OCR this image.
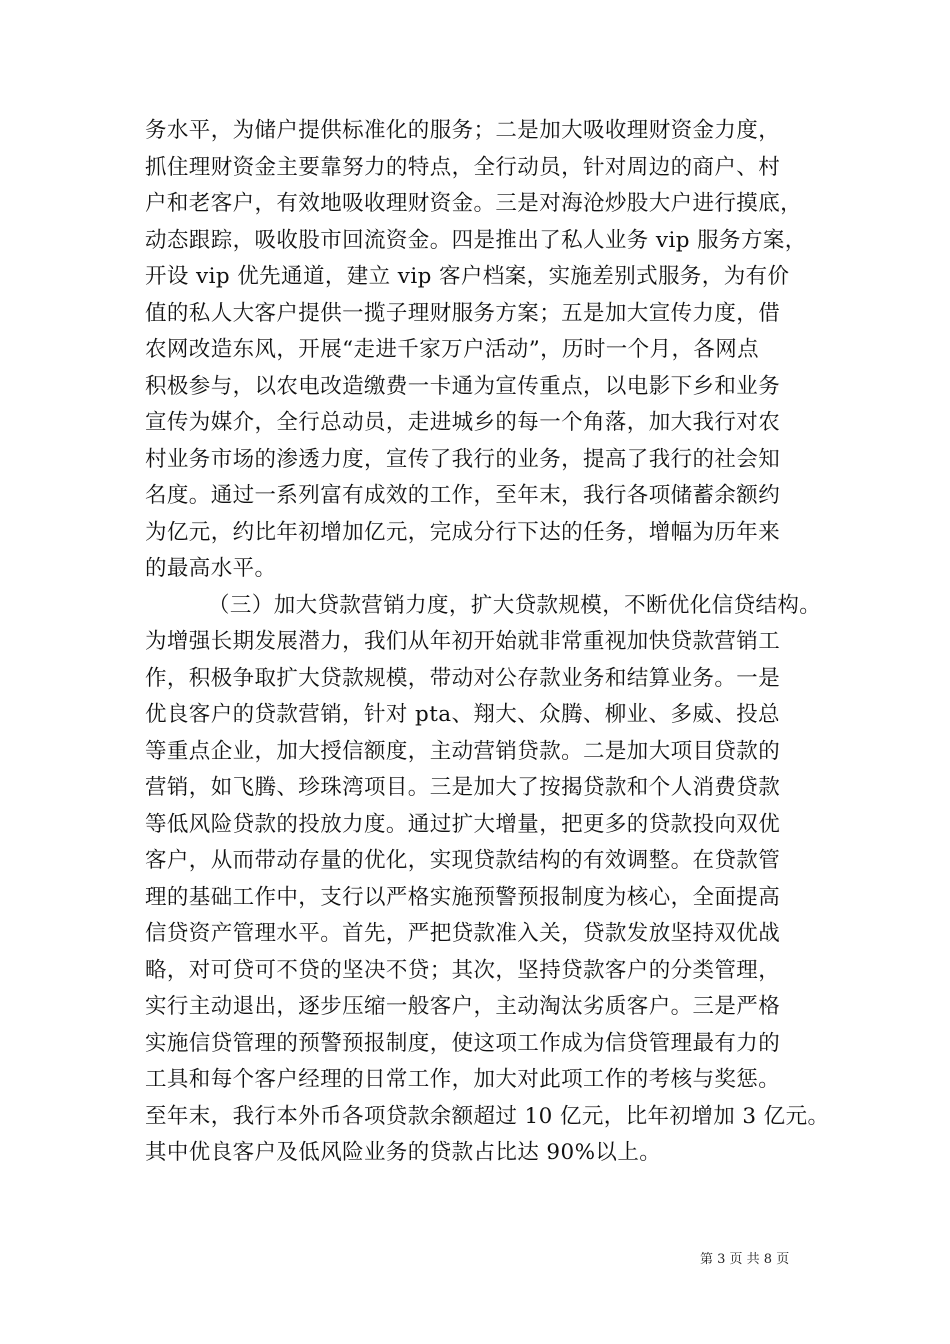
务水平，为储户提供标准化的服务；二是加大吸收理财资金力度，
抓住理财资金主要靠努力的特点，全行动员，针对周边的商户、村
户和老客户，有效地吸收理财资金。三是对海沧炒股大户进行摸底，
动态跟踪，吸收股市回流资金。四是推出了私人业务 vip 服务方案，
开设 vip 优先通道，建立 vip 客户档案，实施差别式服务，为有价
值的私人大客户提供一揽子理财服务方案；五是加大宣传力度，借
农网改造东风，开展“走进千家万户活动”，历时一个月，各网点
积极参与，以农电改造缴费一卡通为宣传重点，以电影下乡和业务
宣传为媒介，全行总动员，走进城乡的每一个角落，加大我行对农
村业务市场的渗透力度，宣传了我行的业务，提高了我行的社会知
名度。通过一系列富有成效的工作，至年末，我行各项储蓄余额约
为亿元，约比年初增加亿元，完成分行下达的任务，增幅为历年来
的最高水平。
（三）加大贷款营销力度，扩大贷款规模，不断优化信贷结构。
为增强长期发展潜力，我们从年初开始就非常重视加快贷款营销工
作，积极争取扩大贷款规模，带动对公存款业务和结算业务。一是
优良客户的贷款营销，针对 pta、翔大、众腾、柳业、多威、投总
等重点企业，加大授信额度，主动营销贷款。二是加大项目贷款的
营销，如飞腾、珍珠湾项目。三是加大了按揭贷款和个人消费贷款
等低风险贷款的投放力度。通过扩大增量，把更多的贷款投向双优
客户，从而带动存量的优化，实现贷款结构的有效调整。在贷款管
理的基础工作中，支行以严格实施预警预报制度为核心，全面提高
信贷资产管理水平。首先，严把贷款准入关，贷款发放坚持双优战
略，对可贷可不贷的坚决不贷；其次，坚持贷款客户的分类管理，
实行主动退出，逐步压缩一般客户，主动淘汰劣质客户。三是严格
实施信贷管理的预警预报制度，使这项工作成为信贷管理最有力的
工具和每个客户经理的日常工作，加大对此项工作的考核与奖惩。
至年末，我行本外币各项贷款余额超过 10 亿元，比年初增加 3 亿元。
其中优良客户及低风险业务的贷款占比达 90%以上。
第 3 页 共 8 页
